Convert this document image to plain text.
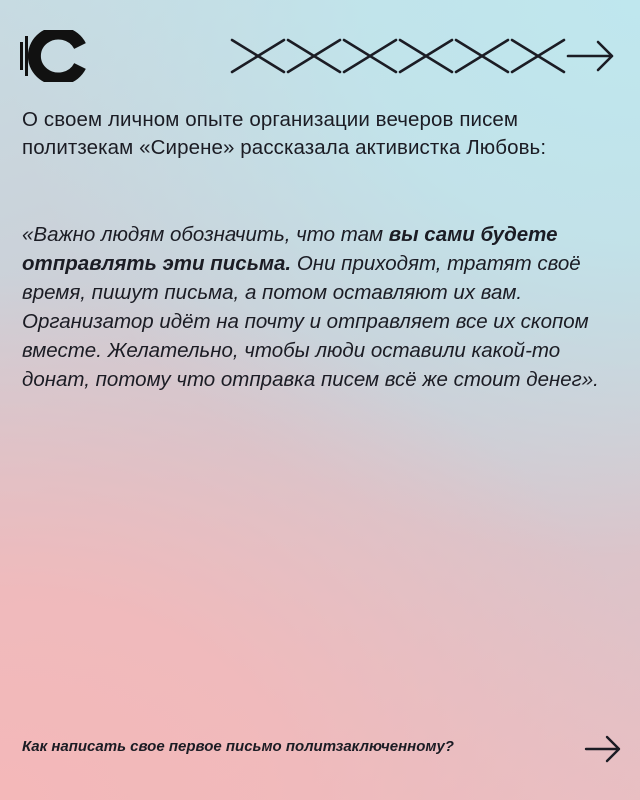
О своем личном опыте организации вечеров писем политзекам «Сирене» рассказала активистка Любовь:

«Важно людям обозначить, что там вы сами будете отправлять эти письма. Они приходят, тратят своё время, пишут письма, а потом оставляют их вам. Организатор идёт на почту и отправляет все их скопом вместе. Желательно, чтобы люди оставили какой-то донат, потому что отправка писем всё же стоит денег».

Как написать свое первое письмо политзаключенному?
